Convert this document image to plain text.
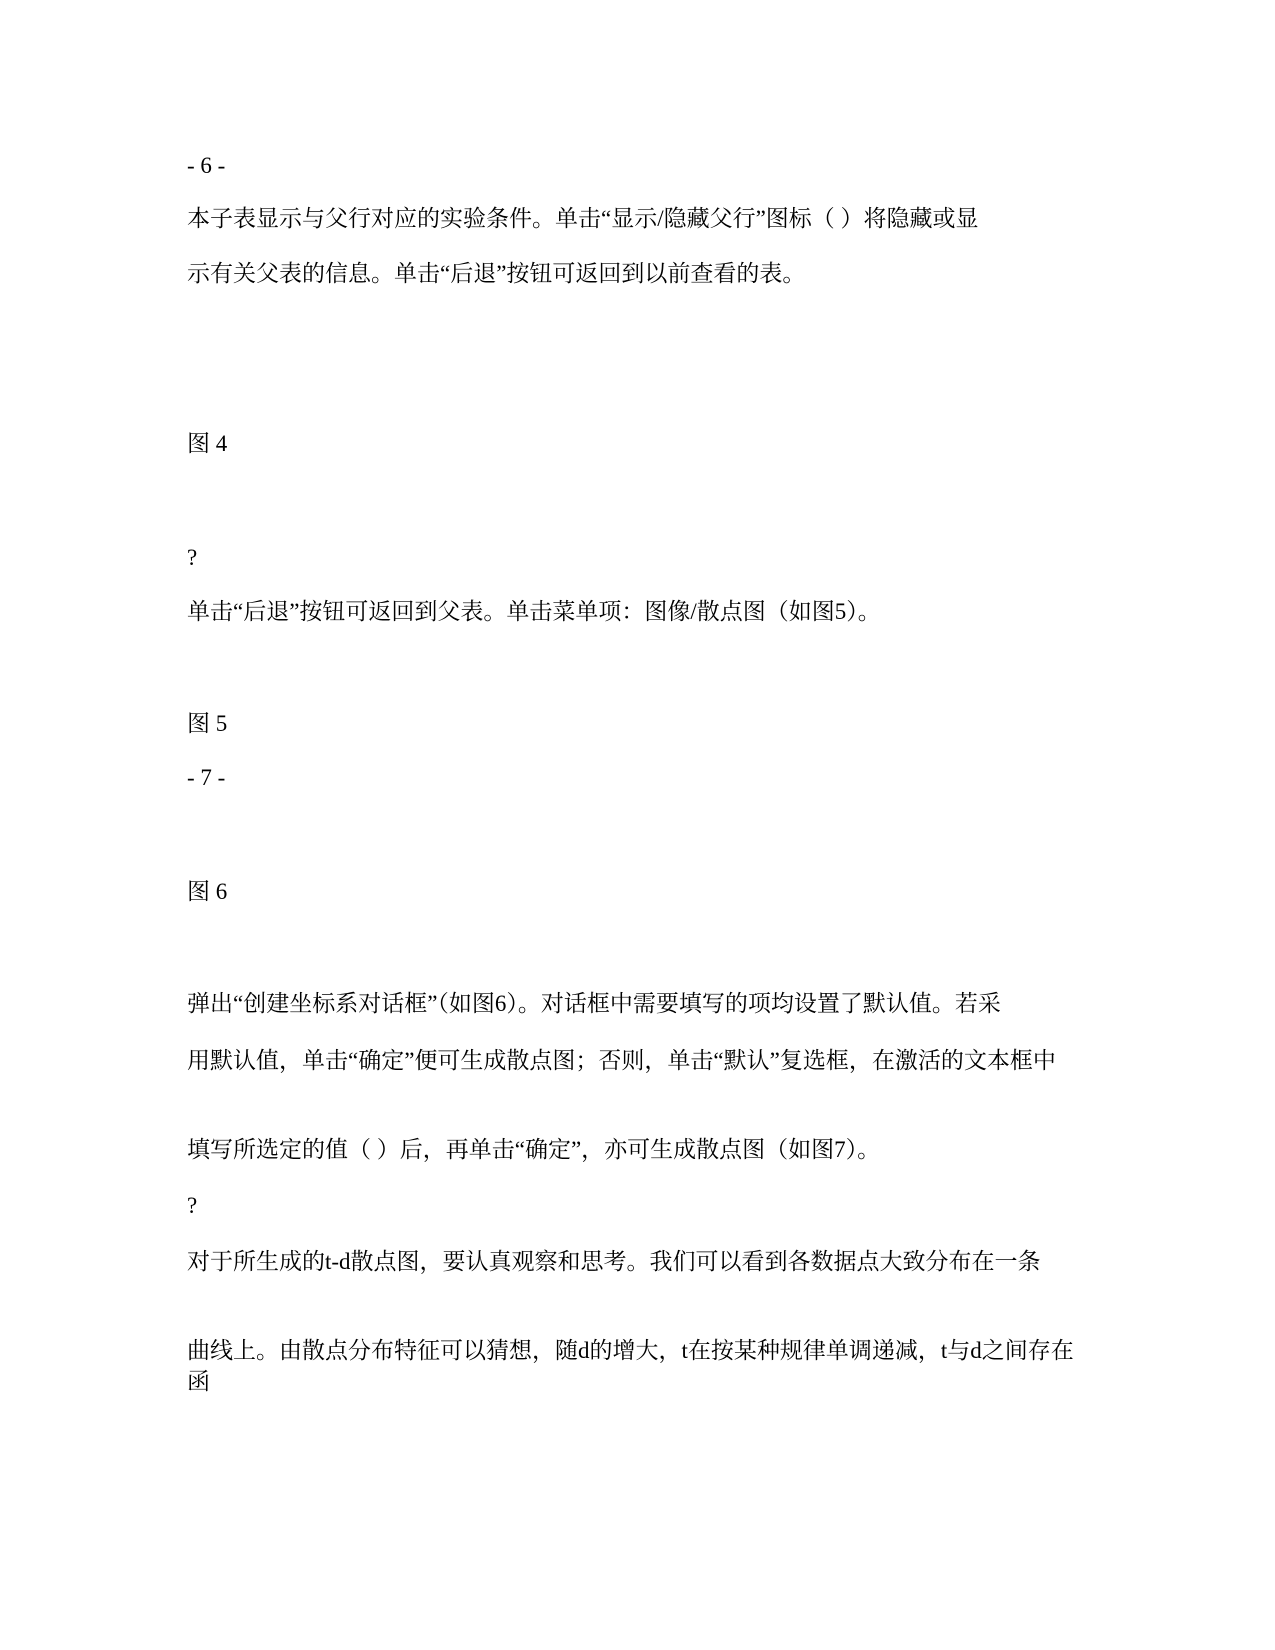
- 6 -
本子表显示与父行对应的实验条件。单击“显示/隐藏父行”图标（ ）将隐藏或显
示有关父表的信息。单击“后退”按钮可返回到以前查看的表。
图 4
?
单击“后退”按钮可返回到父表。单击菜单项：图像/散点图（如图5）。
图 5
- 7 -
图 6
弹出“创建坐标系对话框”（如图6）。对话框中需要填写的项均设置了默认值。若采
用默认值，单击“确定”便可生成散点图；否则，单击“默认”复选框，在激活的文本框中
填写所选定的值（ ）后，再单击“确定”，亦可生成散点图（如图7）。
?
对于所生成的t-d散点图，要认真观察和思考。我们可以看到各数据点大致分布在一条
曲线上。由散点分布特征可以猜想，随d的增大，t在按某种规律单调递减，t与d之间存在函
